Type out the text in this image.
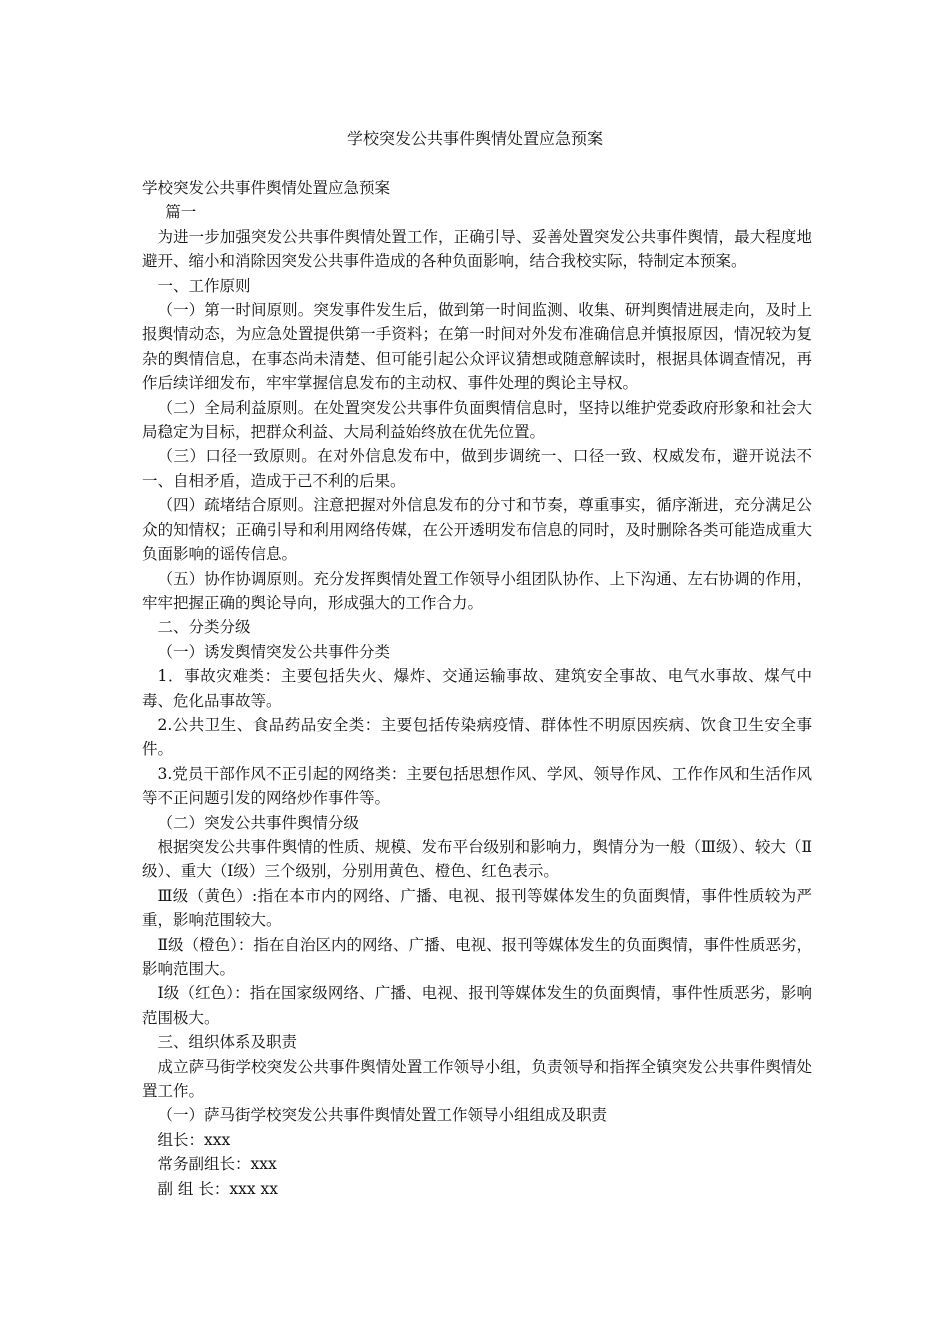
学校突发公共事件舆情处置应急预案

学校突发公共事件舆情处置应急预案

篇一

为进一步加强突发公共事件舆情处置工作，正确引导、妥善处置突发公共事件舆情，最大程度地避开、缩小和消除因突发公共事件造成的各种负面影响，结合我校实际，特制定本预案。

一、工作原则

（一）第一时间原则。突发事件发生后，做到第一时间监测、收集、研判舆情进展走向，及时上报舆情动态，为应急处置提供第一手资料；在第一时间对外发布准确信息并慎报原因，情况较为复杂的舆情信息，在事态尚未清楚、但可能引起公众评议猜想或随意解读时，根据具体调查情况，再作后续详细发布，牢牢掌握信息发布的主动权、事件处理的舆论主导权。

（二）全局利益原则。在处置突发公共事件负面舆情信息时，坚持以维护党委政府形象和社会大局稳定为目标，把群众利益、大局利益始终放在优先位置。

（三）口径一致原则。在对外信息发布中，做到步调统一、口径一致、权威发布，避开说法不一、自相矛盾，造成于己不利的后果。

（四）疏堵结合原则。注意把握对外信息发布的分寸和节奏，尊重事实，循序渐进，充分满足公众的知情权；正确引导和利用网络传媒，在公开透明发布信息的同时，及时删除各类可能造成重大负面影响的谣传信息。

（五）协作协调原则。充分发挥舆情处置工作领导小组团队协作、上下沟通、左右协调的作用，牢牢把握正确的舆论导向，形成强大的工作合力。

二、分类分级

（一）诱发舆情突发公共事件分类

1．事故灾难类：主要包括失火、爆炸、交通运输事故、建筑安全事故、电气水事故、煤气中毒、危化品事故等。

2.公共卫生、食品药品安全类：主要包括传染病疫情、群体性不明原因疾病、饮食卫生安全事件。

3.党员干部作风不正引起的网络类：主要包括思想作风、学风、领导作风、工作作风和生活作风等不正问题引发的网络炒作事件等。

（二）突发公共事件舆情分级

根据突发公共事件舆情的性质、规模、发布平台级别和影响力，舆情分为一般（Ⅲ级）、较大（Ⅱ级）、重大（Ⅰ级）三个级别，分别用黄色、橙色、红色表示。

Ⅲ级（黄色）:指在本市内的网络、广播、电视、报刊等媒体发生的负面舆情，事件性质较为严重，影响范围较大。

Ⅱ级（橙色）：指在自治区内的网络、广播、电视、报刊等媒体发生的负面舆情，事件性质恶劣，影响范围大。

Ⅰ级（红色）：指在国家级网络、广播、电视、报刊等媒体发生的负面舆情，事件性质恶劣，影响范围极大。

三、组织体系及职责

成立萨马街学校突发公共事件舆情处置工作领导小组，负责领导和指挥全镇突发公共事件舆情处置工作。

（一）萨马街学校突发公共事件舆情处置工作领导小组组成及职责

组长：xxx

常务副组长：xxx

副 组 长：xxx xx
